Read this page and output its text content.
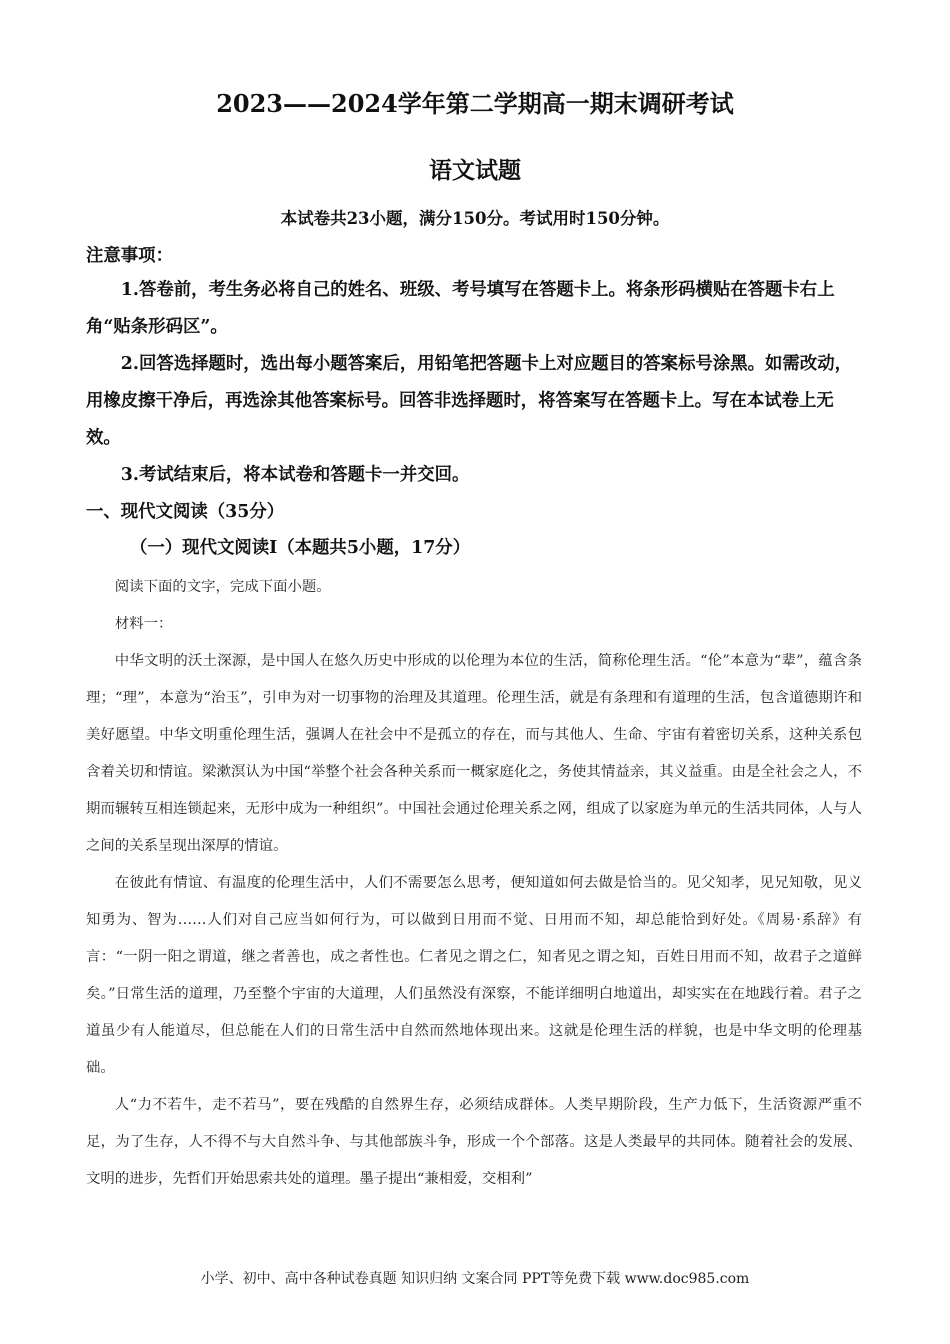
2023——2024学年第二学期高一期末调研考试
语文试题
本试卷共23小题，满分150分。考试用时150分钟。
注意事项：

1.答卷前，考生务必将自己的姓名、班级、考号填写在答题卡上。将条形码横贴在答题卡右上角“贴条形码区”。

2.回答选择题时，选出每小题答案后，用铅笔把答题卡上对应题目的答案标号涂黑。如需改动，用橡皮擦干净后，再选涂其他答案标号。回答非选择题时，将答案写在答题卡上。写在本试卷上无效。

3.考试结束后，将本试卷和答题卡一并交回。

一、现代文阅读（35分）
（一）现代文阅读Ⅰ（本题共5小题，17分）

阅读下面的文字，完成下面小题。

材料一：

中华文明的沃土深源，是中国人在悠久历史中形成的以伦理为本位的生活，简称伦理生活。“伦”本意为“辈”，蕴含条理；“理”，本意为“治玉”，引申为对一切事物的治理及其道理。伦理生活，就是有条理和有道理的生活，包含道德期许和美好愿望。中华文明重伦理生活，强调人在社会中不是孤立的存在，而与其他人、生命、宇宙有着密切关系，这种关系包含着关切和情谊。梁漱溟认为中国“举整个社会各种关系而一概家庭化之，务使其情益亲，其义益重。由是全社会之人，不期而辗转互相连锁起来，无形中成为一种组织”。中国社会通过伦理关系之网，组成了以家庭为单元的生活共同体，人与人之间的关系呈现出深厚的情谊。

在彼此有情谊、有温度的伦理生活中，人们不需要怎么思考，便知道如何去做是恰当的。见父知孝，见兄知敬，见义知勇为、智为……人们对自己应当如何行为，可以做到日用而不觉、日用而不知，却总能恰到好处。《周易·系辞》有言：“一阴一阳之谓道，继之者善也，成之者性也。仁者见之谓之仁，知者见之谓之知，百姓日用而不知，故君子之道鲜矣。”日常生活的道理，乃至整个宇宙的大道理，人们虽然没有深察，不能详细明白地道出，却实实在在地践行着。君子之道虽少有人能道尽，但总能在人们的日常生活中自然而然地体现出来。这就是伦理生活的样貌，也是中华文明的伦理基础。

人“力不若牛，走不若马”，要在残酷的自然界生存，必须结成群体。人类早期阶段，生产力低下，生活资源严重不足，为了生存，人不得不与大自然斗争、与其他部族斗争，形成一个个部落。这是人类最早的共同体。随着社会的发展、文明的进步，先哲们开始思索共处的道理。墨子提出“兼相爱，交相利”

小学、初中、高中各种试卷真题 知识归纳 文案合同 PPT等免费下载 www.doc985.com
